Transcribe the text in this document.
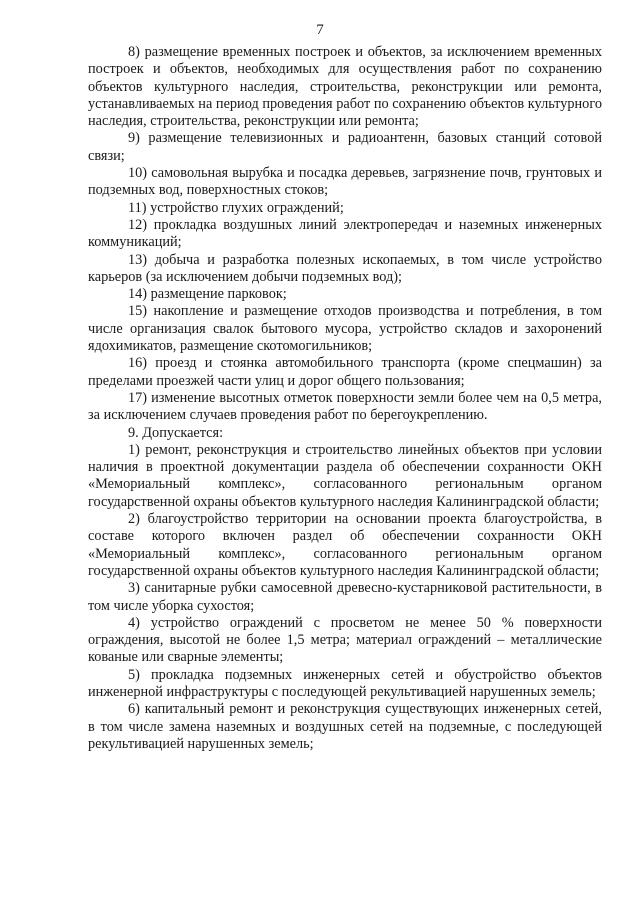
7

8) размещение временных построек и объектов, за исключением временных построек и объектов, необходимых для осуществления работ по сохранению объектов культурного наследия, строительства, реконструкции или ремонта, устанавливаемых на период проведения работ по сохранению объектов культурного наследия, строительства, реконструкции или ремонта;

9) размещение телевизионных и радиоантенн, базовых станций сотовой связи;

10) самовольная вырубка и посадка деревьев, загрязнение почв, грунтовых и подземных вод, поверхностных стоков;

11) устройство глухих ограждений;

12) прокладка воздушных линий электропередач и наземных инженерных коммуникаций;

13) добыча и разработка полезных ископаемых, в том числе устройство карьеров (за исключением добычи подземных вод);

14) размещение парковок;

15) накопление и размещение отходов производства и потребления, в том числе организация свалок бытового мусора, устройство складов и захоронений ядохимикатов, размещение скотомогильников;

16) проезд и стоянка автомобильного транспорта (кроме спецмашин) за пределами проезжей части улиц и дорог общего пользования;

17) изменение высотных отметок поверхности земли более чем на 0,5 метра, за исключением случаев проведения работ по берегоукреплению.

9. Допускается:

1) ремонт, реконструкция и строительство линейных объектов при условии наличия в проектной документации раздела об обеспечении сохранности ОКН «Мемориальный комплекс», согласованного региональным органом государственной охраны объектов культурного наследия Калининградской области;

2) благоустройство территории на основании проекта благоустройства, в составе которого включен раздел об обеспечении сохранности ОКН «Мемориальный комплекс», согласованного региональным органом государственной охраны объектов культурного наследия Калининградской области;

3) санитарные рубки самосевной древесно-кустарниковой растительности, в том числе уборка сухостоя;

4) устройство ограждений с просветом не менее 50 % поверхности ограждения, высотой не более 1,5 метра; материал ограждений – металлические кованые или сварные элементы;

5) прокладка подземных инженерных сетей и обустройство объектов инженерной инфраструктуры с последующей рекультивацией нарушенных земель;

6) капитальный ремонт и реконструкция существующих инженерных сетей, в том числе замена наземных и воздушных сетей на подземные, с последующей рекультивацией нарушенных земель;
